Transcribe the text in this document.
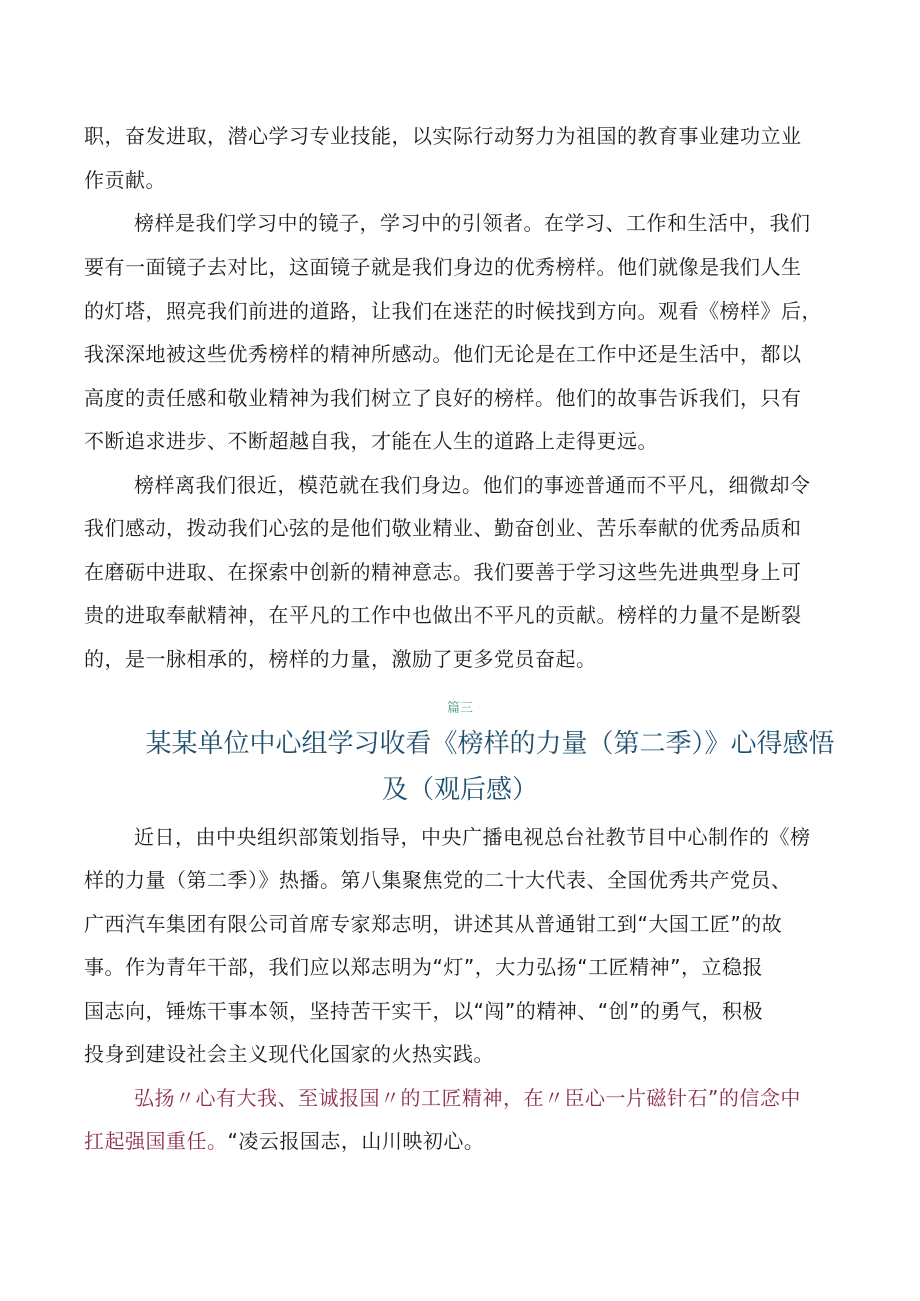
职，奋发进取，潜心学习专业技能，以实际行动努力为祖国的教育事业建功立业
作贡献。
榜样是我们学习中的镜子，学习中的引领者。在学习、工作和生活中，我们
要有一面镜子去对比，这面镜子就是我们身边的优秀榜样。他们就像是我们人生
的灯塔，照亮我们前进的道路，让我们在迷茫的时候找到方向。观看《榜样》后，
我深深地被这些优秀榜样的精神所感动。他们无论是在工作中还是生活中，都以
高度的责任感和敬业精神为我们树立了良好的榜样。他们的故事告诉我们，只有
不断追求进步、不断超越自我，才能在人生的道路上走得更远。
榜样离我们很近，模范就在我们身边。他们的事迹普通而不平凡，细微却令
我们感动，拨动我们心弦的是他们敬业精业、勤奋创业、苦乐奉献的优秀品质和
在磨砺中进取、在探索中创新的精神意志。我们要善于学习这些先进典型身上可
贵的进取奉献精神，在平凡的工作中也做出不平凡的贡献。榜样的力量不是断裂
的，是一脉相承的，榜样的力量，激励了更多党员奋起。
篇三
某某单位中心组学习收看《榜样的力量（第二季）》心得感悟
及（观后感）
近日，由中央组织部策划指导，中央广播电视总台社教节目中心制作的《榜
样的力量（第二季）》热播。第八集聚焦党的二十大代表、全国优秀共产党员、
广西汽车集团有限公司首席专家郑志明，讲述其从普通钳工到“大国工匠”的故
事。作为青年干部，我们应以郑志明为“灯”，大力弘扬“工匠精神”，立稳报
国志向，锤炼干事本领，坚持苦干实干，以“闯”的精神、“创”的勇气，积极
投身到建设社会主义现代化国家的火热实践。
弘扬〃心有大我、至诚报国〃的工匠精神，在〃臣心一片磁针石”的信念中
扛起强国重任。“凌云报国志，山川映初心。
